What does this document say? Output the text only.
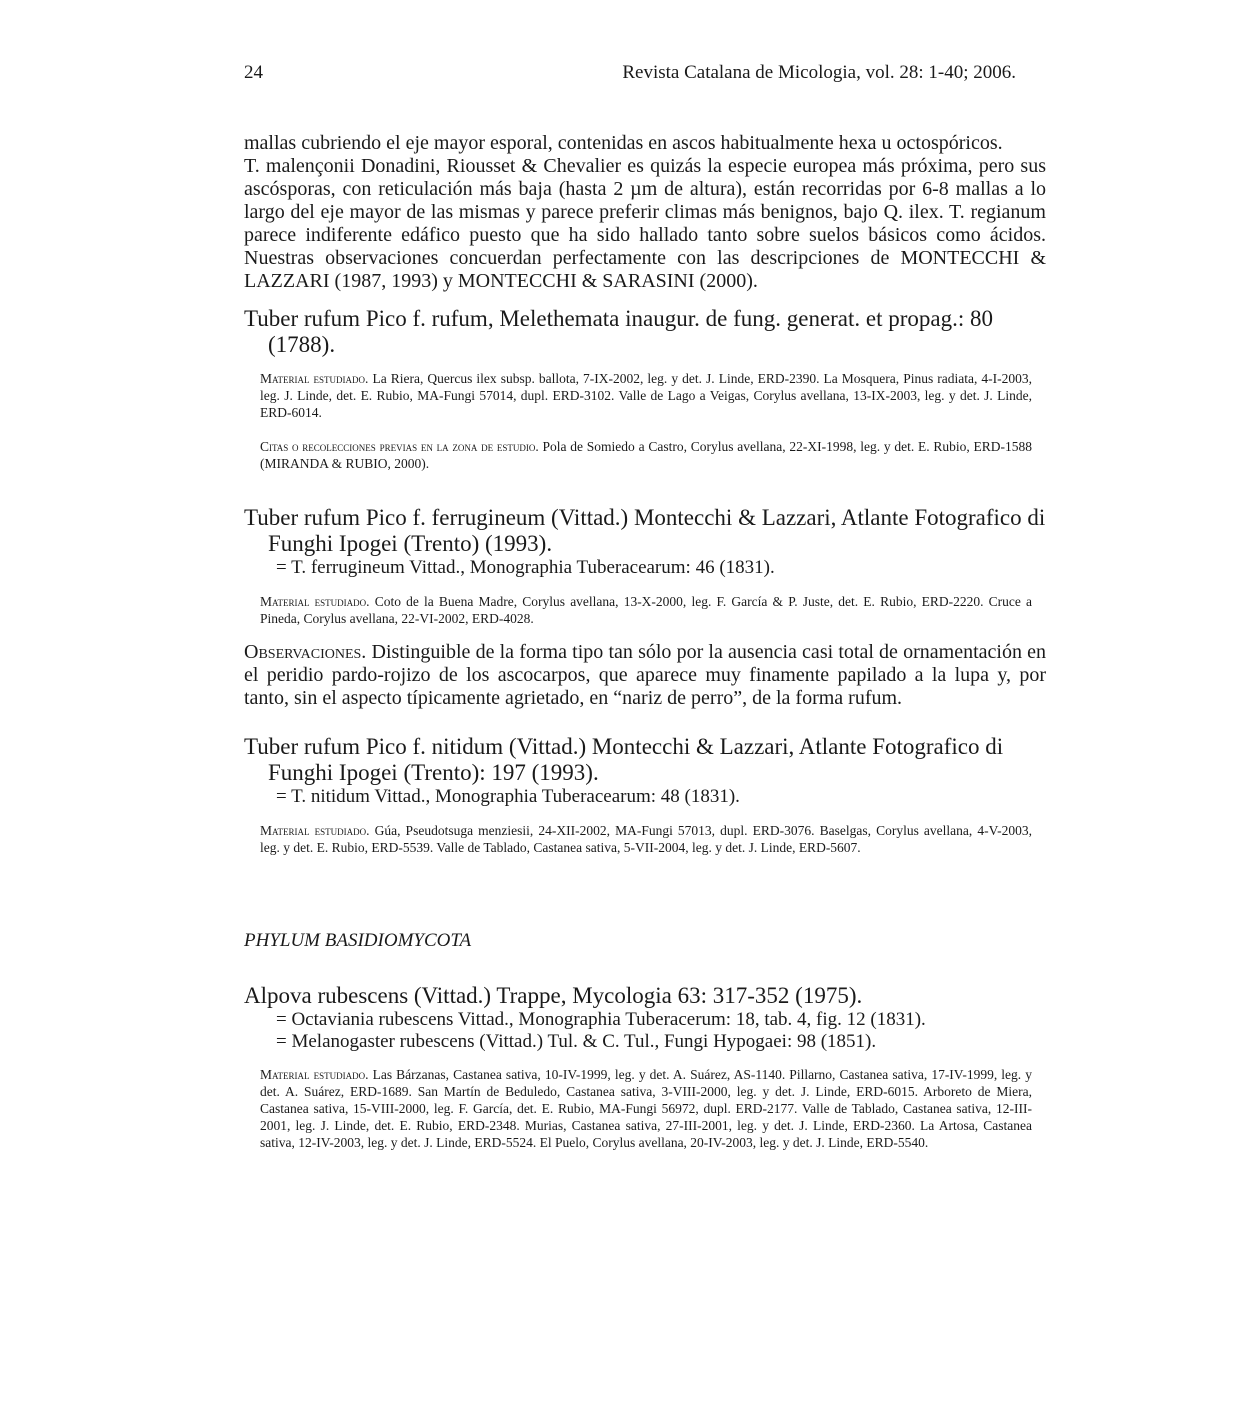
24	Revista Catalana de Micologia, vol. 28: 1-40; 2006.

mallas cubriendo el eje mayor esporal, contenidas en ascos habitualmente hexa u octospóricos.

T. malençonii Donadini, Riousset & Chevalier es quizás la especie europea más próxima, pero sus ascósporas, con reticulación más baja (hasta 2 µm de altura), están recorridas por 6-8 mallas a lo largo del eje mayor de las mismas y parece preferir climas más benignos, bajo Q. ilex. T. regianum parece indiferente edáfico puesto que ha sido hallado tanto sobre suelos básicos como ácidos. Nuestras observaciones concuerdan perfectamente con las descripciones de MONTECCHI & LAZZARI (1987, 1993) y MONTECCHI & SARASINI (2000).

Tuber rufum Pico f. rufum, Melethemata inaugur. de fung. generat. et propag.: 80
(1788).
Material estudiado. La Riera, Quercus ilex subsp. ballota, 7-IX-2002, leg. y det. J. Linde, ERD-2390. La Mosquera, Pinus radiata, 4-I-2003, leg. J. Linde, det. E. Rubio, MA-Fungi 57014, dupl. ERD-3102. Valle de Lago a Veigas, Corylus avellana, 13-IX-2003, leg. y det. J. Linde, ERD-6014.
Citas o recolecciones previas en la zona de estudio. Pola de Somiedo a Castro, Corylus avellana, 22-XI-1998, leg. y det. E. Rubio, ERD-1588 (MIRANDA & RUBIO, 2000).
Tuber rufum Pico f. ferrugineum (Vittad.) Montecchi & Lazzari, Atlante Fotografico di
Funghi Ipogei (Trento) (1993).
= T. ferrugineum Vittad., Monographia Tuberacearum: 46 (1831).
Material estudiado. Coto de la Buena Madre, Corylus avellana, 13-X-2000, leg. F. García & P. Juste, det. E. Rubio, ERD-2220. Cruce a Pineda, Corylus avellana, 22-VI-2002, ERD-4028.
Observaciones. Distinguible de la forma tipo tan sólo por la ausencia casi total de ornamentación en el peridio pardo-rojizo de los ascocarpos, que aparece muy finamente papilado a la lupa y, por tanto, sin el aspecto típicamente agrietado, en “nariz de perro”, de la forma rufum.
Tuber rufum Pico f. nitidum (Vittad.) Montecchi & Lazzari, Atlante Fotografico di
Funghi Ipogei (Trento): 197 (1993).
= T. nitidum Vittad., Monographia Tuberacearum: 48 (1831).
Material estudiado. Gúa, Pseudotsuga menziesii, 24-XII-2002, MA-Fungi 57013, dupl. ERD-3076. Baselgas, Corylus avellana, 4-V-2003, leg. y det. E. Rubio, ERD-5539. Valle de Tablado, Castanea sativa, 5-VII-2004, leg. y det. J. Linde, ERD-5607.
PHYLUM BASIDIOMYCOTA
Alpova rubescens (Vittad.) Trappe, Mycologia 63: 317-352 (1975).
= Octaviania rubescens Vittad., Monographia Tuberacerum: 18, tab. 4, fig. 12 (1831).
= Melanogaster rubescens (Vittad.) Tul. & C. Tul., Fungi Hypogaei: 98 (1851).
Material estudiado. Las Bárzanas, Castanea sativa, 10-IV-1999, leg. y det. A. Suárez, AS-1140. Pillarno, Castanea sativa, 17-IV-1999, leg. y det. A. Suárez, ERD-1689. San Martín de Beduledo, Castanea sativa, 3-VIII-2000, leg. y det. J. Linde, ERD-6015. Arboreto de Miera, Castanea sativa, 15-VIII-2000, leg. F. García, det. E. Rubio, MA-Fungi 56972, dupl. ERD-2177. Valle de Tablado, Castanea sativa, 12-III-2001, leg. J. Linde, det. E. Rubio, ERD-2348. Murias, Castanea sativa, 27-III-2001, leg. y det. J. Linde, ERD-2360. La Artosa, Castanea sativa, 12-IV-2003, leg. y det. J. Linde, ERD-5524. El Puelo, Corylus avellana, 20-IV-2003, leg. y det. J. Linde, ERD-5540.
